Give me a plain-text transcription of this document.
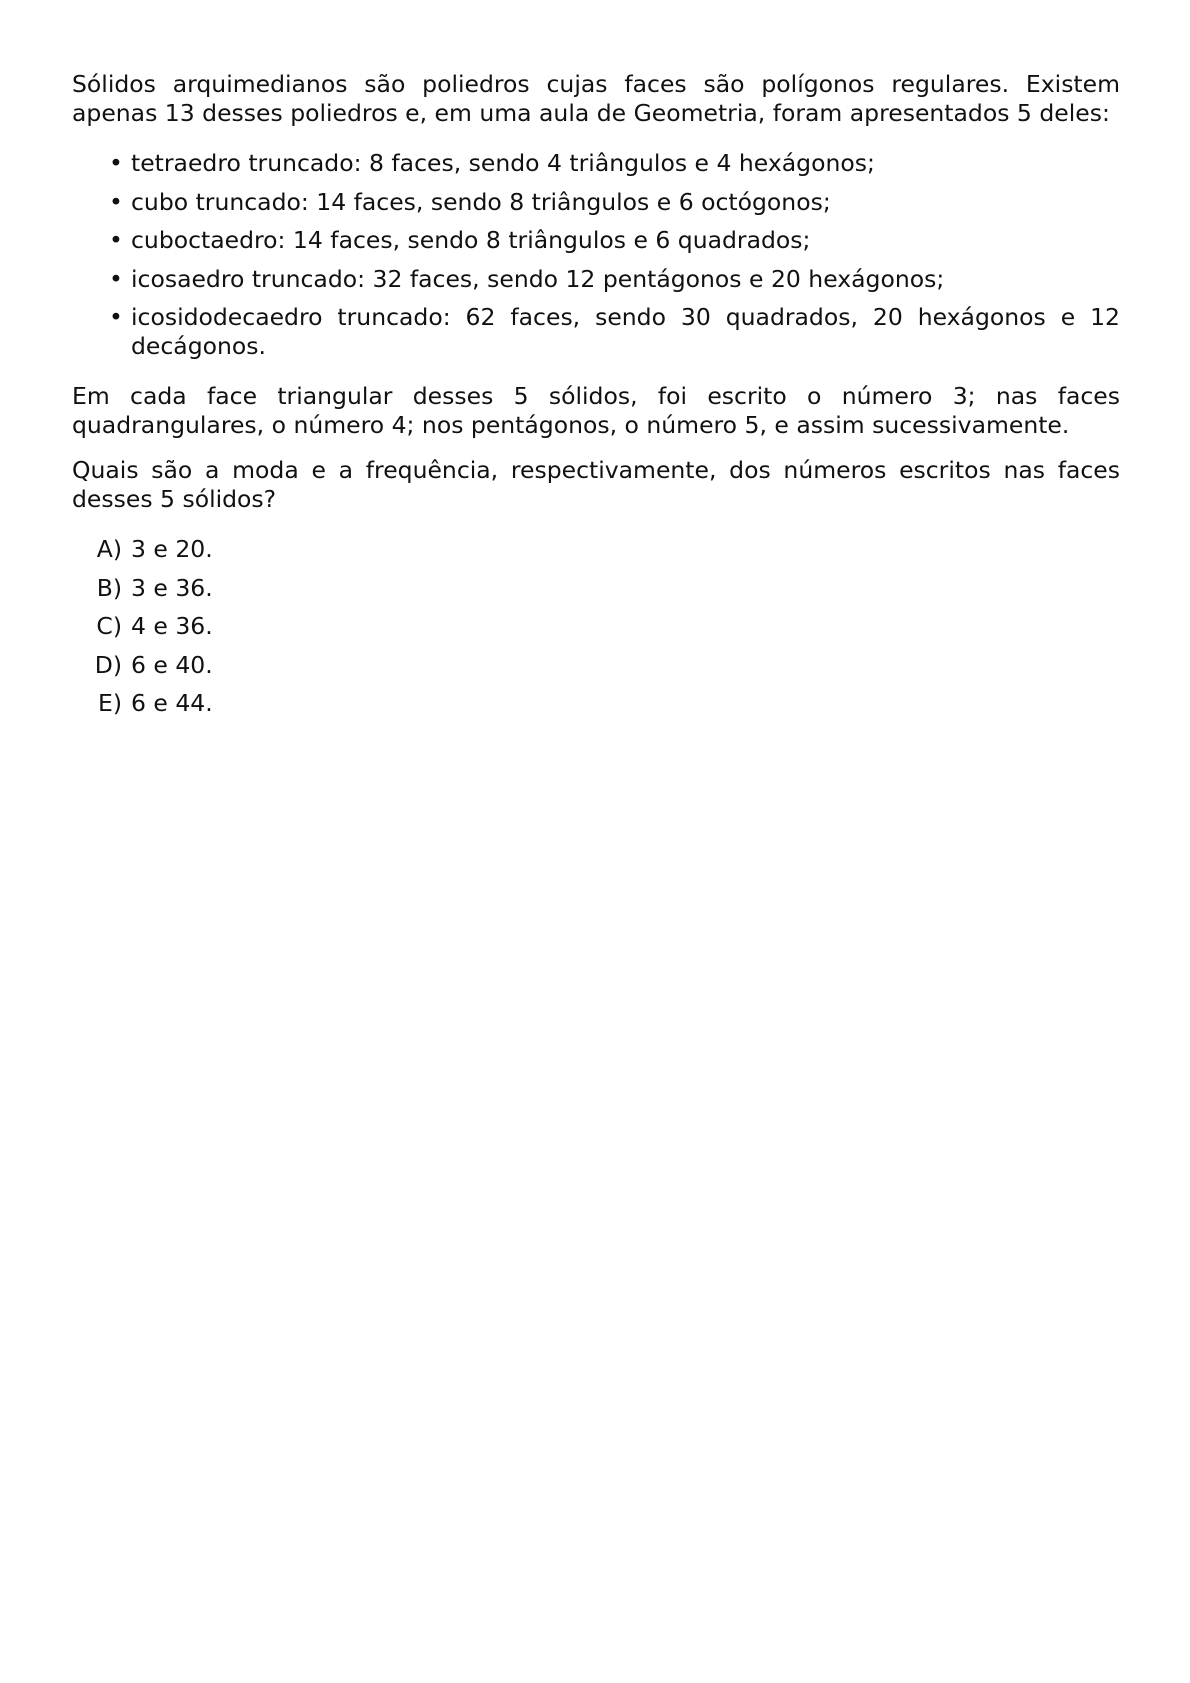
Sólidos arquimedianos são poliedros cujas faces são polígonos regulares. Existem apenas 13 desses poliedros e, em uma aula de Geometria, foram apresentados 5 deles:

• tetraedro truncado: 8 faces, sendo 4 triângulos e 4 hexágonos;
• cubo truncado: 14 faces, sendo 8 triângulos e 6 octógonos;
• cuboctaedro: 14 faces, sendo 8 triângulos e 6 quadrados;
• icosaedro truncado: 32 faces, sendo 12 pentágonos e 20 hexágonos;
• icosidodecaedro truncado: 62 faces, sendo 30 quadrados, 20 hexágonos e 12 decágonos.

Em cada face triangular desses 5 sólidos, foi escrito o número 3; nas faces quadrangulares, o número 4; nos pentágonos, o número 5, e assim sucessivamente.

Quais são a moda e a frequência, respectivamente, dos números escritos nas faces desses 5 sólidos?

A) 3 e 20.
B) 3 e 36.
C) 4 e 36.
D) 6 e 40.
E) 6 e 44.
